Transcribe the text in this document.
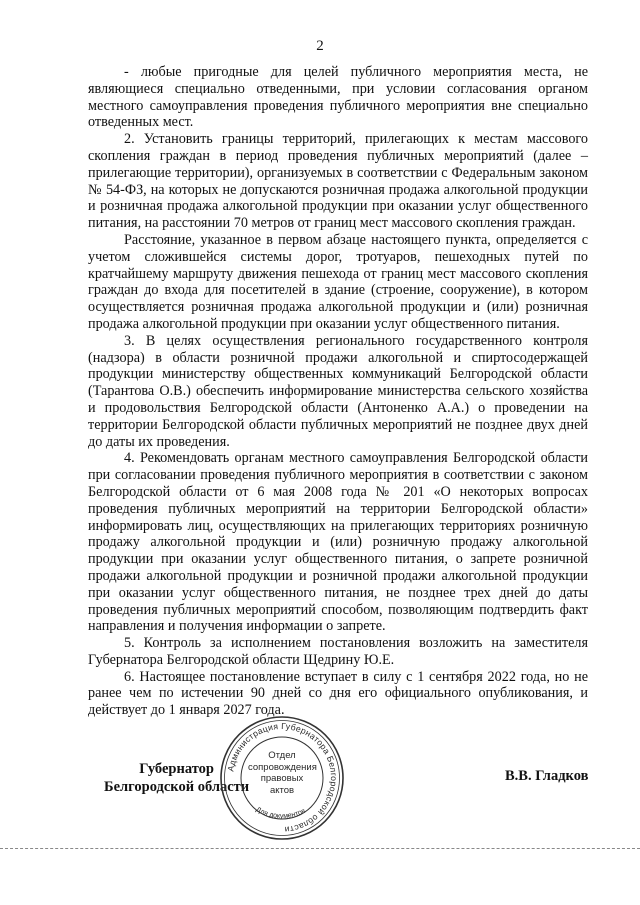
2

- любые пригодные для целей публичного мероприятия места, не являющиеся специально отведенными, при условии согласования органом местного самоуправления проведения публичного мероприятия вне специально отведенных мест.

2. Установить границы территорий, прилегающих к местам массового скопления граждан в период проведения публичных мероприятий (далее – прилегающие территории), организуемых в соответствии с Федеральным законом № 54-ФЗ, на которых не допускаются розничная продажа алкогольной продукции и розничная продажа алкогольной продукции при оказании услуг общественного питания, на расстоянии 70 метров от границ мест массового скопления граждан.

Расстояние, указанное в первом абзаце настоящего пункта, определяется с учетом сложившейся системы дорог, тротуаров, пешеходных путей по кратчайшему маршруту движения пешехода от границ мест массового скопления граждан до входа для посетителей в здание (строение, сооружение), в котором осуществляется розничная продажа алкогольной продукции и (или) розничная продажа алкогольной продукции при оказании услуг общественного питания.

3. В целях осуществления регионального государственного контроля (надзора) в области розничной продажи алкогольной и спиртосодержащей продукции министерству общественных коммуникаций Белгородской области (Тарантова О.В.) обеспечить информирование министерства сельского хозяйства и продовольствия Белгородской области (Антоненко А.А.) о проведении на территории Белгородской области публичных мероприятий не позднее двух дней до даты их проведения.

4. Рекомендовать органам местного самоуправления Белгородской области при согласовании проведения публичного мероприятия в соответствии с законом Белгородской области от 6 мая 2008 года № 201 «О некоторых вопросах проведения публичных мероприятий на территории Белгородской области» информировать лиц, осуществляющих на прилегающих территориях розничную продажу алкогольной продукции и (или) розничную продажу алкогольной продукции при оказании услуг общественного питания, о запрете розничной продажи алкогольной продукции и розничной продажи алкогольной продукции при оказании услуг общественного питания, не позднее трех дней до даты проведения публичных мероприятий способом, позволяющим подтвердить факт направления и получения информации о запрете.

5. Контроль за исполнением постановления возложить на заместителя Губернатора Белгородской области Щедрину Ю.Е.

6. Настоящее постановление вступает в силу с 1 сентября 2022 года, но не ранее чем по истечении 90 дней со дня его официального опубликования, и действует до 1 января 2027 года.

Губернатор
Белгородской области
Администрация Губернатора Белгородской области
Для документов
Отдел
сопровождения
правовых
актов
В.В. Гладков
